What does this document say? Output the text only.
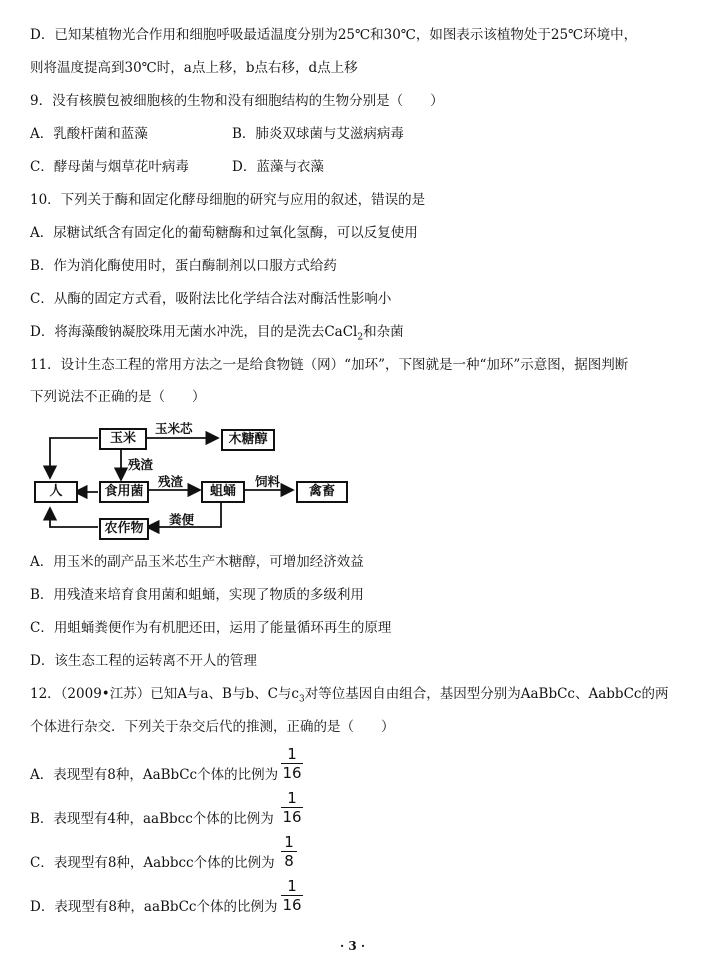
D．已知某植物光合作用和细胞呼吸最适温度分别为25℃和30℃，如图表示该植物处于25℃环境中，
则将温度提高到30℃时，a点上移，b点右移，d点上移
9．没有核膜包被细胞核的生物和没有细胞结构的生物分别是（　　）
A．乳酸杆菌和蓝藻	B．肺炎双球菌与艾滋病病毒
C．酵母菌与烟草花叶病毒	D．蓝藻与衣藻
10．下列关于酶和固定化酵母细胞的研究与应用的叙述，错误的是
A．尿糖试纸含有固定化的葡萄糖酶和过氧化氢酶，可以反复使用
B．作为消化酶使用时，蛋白酶制剂以口服方式给药
C．从酶的固定方式看，吸附法比化学结合法对酶活性影响小
D．将海藻酸钠凝胶珠用无菌水冲洗，目的是洗去CaCl$_2$和杂菌
11．设计生态工程的常用方法之一是给食物链（网）“加环”，下图就是一种“加环”示意图，据图判断
下列说法不正确的是（　　）
玉米
玉米芯
木糖醇
残渣
人	食用菌
残渣
蛆蛹
饲料
禽畜
粪便
农作物
A．用玉米的副产品玉米芯生产木糖醇，可增加经济效益
B．用残渣来培育食用菌和蛆蛹，实现了物质的多级利用
C．用蛆蛹粪便作为有机肥还田，运用了能量循环再生的原理
D．该生态工程的运转离不开人的管理
12．（2009•江苏）已知A与a、B与b、C与$c_3$对等位基因自由组合，基因型分别为AaBbCc、AabbCc的两
个体进行杂交．下列关于杂交后代的推测，正确的是（　　）
A．表现型有8种，AaBbCc个体的比例为
1
16
B．表现型有4种，aaBbcc个体的比例为
1
16
C．表现型有8种，Aabbcc个体的比例为
1
8
D．表现型有8种，aaBbCc个体的比例为
1
16
· 3 ·
